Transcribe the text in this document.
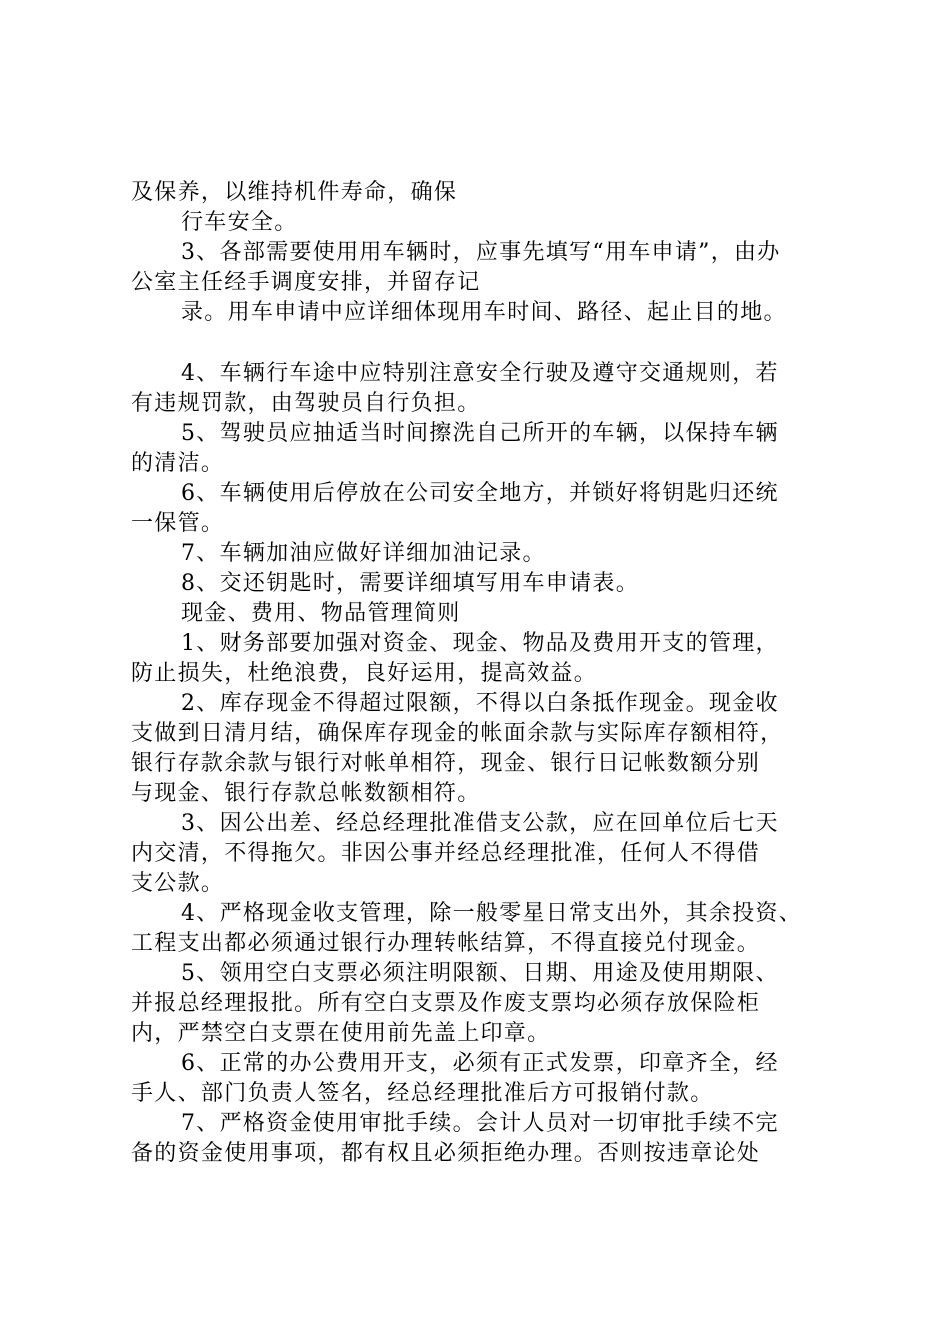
及保养，以维持机件寿命，确保
行车安全。
3、各部需要使用用车辆时，应事先填写“用车申请”，由办
公室主任经手调度安排，并留存记
录。用车申请中应详细体现用车时间、路径、起止目的地。
4、车辆行车途中应特别注意安全行驶及遵守交通规则，若
有违规罚款，由驾驶员自行负担。
5、驾驶员应抽适当时间擦洗自己所开的车辆，以保持车辆
的清洁。
6、车辆使用后停放在公司安全地方，并锁好将钥匙归还统
一保管。
7、车辆加油应做好详细加油记录。
8、交还钥匙时，需要详细填写用车申请表。
现金、费用、物品管理简则
1、财务部要加强对资金、现金、物品及费用开支的管理，
防止损失，杜绝浪费，良好运用，提高效益。
2、库存现金不得超过限额，不得以白条抵作现金。现金收
支做到日清月结，确保库存现金的帐面余款与实际库存额相符，
银行存款余款与银行对帐单相符，现金、银行日记帐数额分别
与现金、银行存款总帐数额相符。
3、因公出差、经总经理批准借支公款，应在回单位后七天
内交清，不得拖欠。非因公事并经总经理批准，任何人不得借
支公款。
4、严格现金收支管理，除一般零星日常支出外，其余投资、
工程支出都必须通过银行办理转帐结算，不得直接兑付现金。
5、领用空白支票必须注明限额、日期、用途及使用期限、
并报总经理报批。所有空白支票及作废支票均必须存放保险柜
内，严禁空白支票在使用前先盖上印章。
6、正常的办公费用开支，必须有正式发票，印章齐全，经
手人、部门负责人签名，经总经理批准后方可报销付款。
7、严格资金使用审批手续。会计人员对一切审批手续不完
备的资金使用事项，都有权且必须拒绝办理。否则按违章论处
